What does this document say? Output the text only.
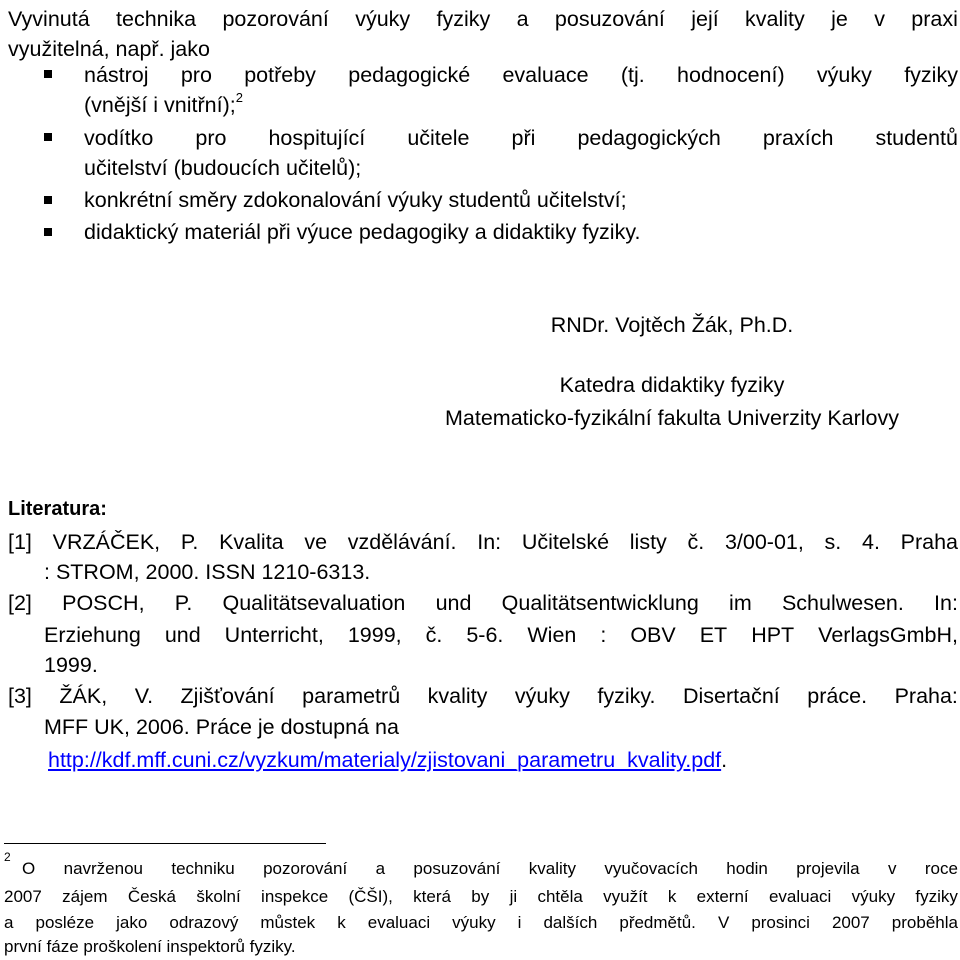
Vyvinutá technika pozorování výuky fyziky a posuzování její kvality je v praxi
využitelná, např. jako
nástroj pro potřeby pedagogické evaluace (tj. hodnocení) výuky fyziky
(vnější i vnitřní);$^2$
vodítko pro hospitující učitele při pedagogických praxích studentů
učitelství (budoucích učitelů);
konkrétní směry zdokonalování výuky studentů učitelství;
didaktický materiál při výuce pedagogiky a didaktiky fyziky.
RNDr. Vojtěch Žák, Ph.D.
Katedra didaktiky fyziky
Matematicko-fyzikální fakulta Univerzity Karlovy
Literatura:
[1] VRZÁČEK, P. Kvalita ve vzdělávání. In: Učitelské listy č. 3/00-01, s. 4. Praha
: STROM, 2000. ISSN 1210-6313.
[2] POSCH, P. Qualitätsevaluation und Qualitätsentwicklung im Schulwesen. In:
Erziehung und Unterricht, 1999, č. 5-6. Wien : OBV ET HPT VerlagsGmbH,
1999.
[3] ŽÁK, V. Zjišťování parametrů kvality výuky fyziky. Disertační práce. Praha:
MFF UK, 2006. Práce je dostupná na
http://kdf.mff.cuni.cz/vyzkum/materialy/zjistovani_parametru_kvality.pdf.
2
O navrženou techniku pozorování a posuzování kvality vyučovacích hodin projevila v roce
2007 zájem Česká školní inspekce (ČŠI), která by ji chtěla využít k externí evaluaci výuky fyziky
a posléze jako odrazový můstek k evaluaci výuky i dalších předmětů. V prosinci 2007 proběhla
první fáze proškolení inspektorů fyziky.
